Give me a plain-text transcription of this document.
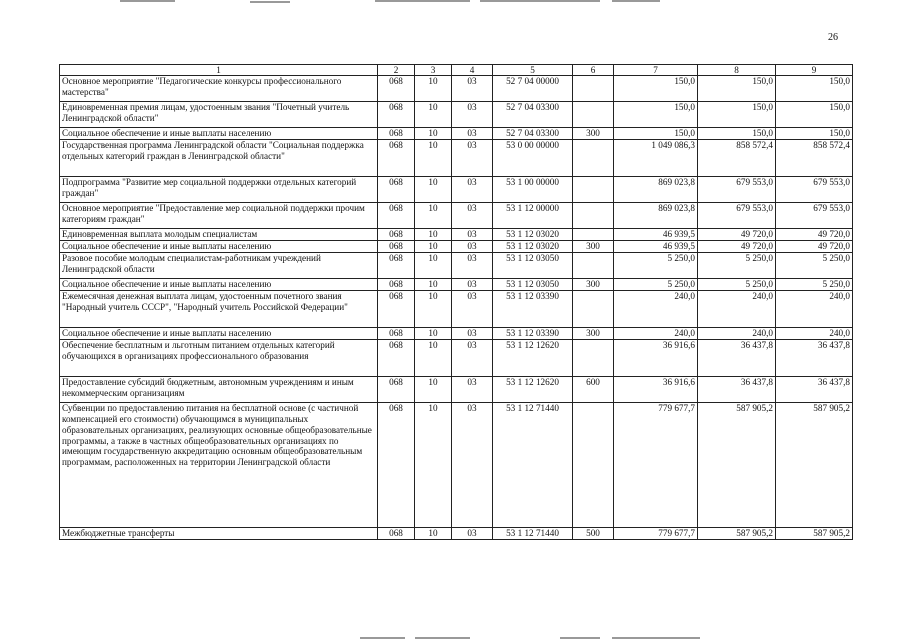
26
1	2	3	4	5	6	7	8	9
Основное мероприятие "Педагогические конкурсы профессионального мастерства"	068	10	03	52 7 04 00000		150,0	150,0	150,0
Единовременная премия лицам, удостоенным звания "Почетный учитель Ленинградской области"	068	10	03	52 7 04 03300		150,0	150,0	150,0
Социальное обеспечение и иные выплаты населению	068	10	03	52 7 04 03300	300	150,0	150,0	150,0
Государственная программа Ленинградской области "Социальная поддержка отдельных категорий граждан в Ленинградской области"	068	10	03	53 0 00 00000		1 049 086,3	858 572,4	858 572,4
Подпрограмма "Развитие мер социальной поддержки отдельных категорий граждан"	068	10	03	53 1 00 00000		869 023,8	679 553,0	679 553,0
Основное мероприятие "Предоставление мер социальной поддержки прочим категориям граждан"	068	10	03	53 1 12 00000		869 023,8	679 553,0	679 553,0
Единовременная выплата молодым специалистам	068	10	03	53 1 12 03020		46 939,5	49 720,0	49 720,0
Социальное обеспечение и иные выплаты населению	068	10	03	53 1 12 03020	300	46 939,5	49 720,0	49 720,0
Разовое пособие молодым специалистам-работникам учреждений Ленинградской области	068	10	03	53 1 12 03050		5 250,0	5 250,0	5 250,0
Социальное обеспечение и иные выплаты населению	068	10	03	53 1 12 03050	300	5 250,0	5 250,0	5 250,0
Ежемесячная денежная выплата лицам, удостоенным почетного звания "Народный учитель СССР", "Народный учитель Российской Федерации"	068	10	03	53 1 12 03390		240,0	240,0	240,0
Социальное обеспечение и иные выплаты населению	068	10	03	53 1 12 03390	300	240,0	240,0	240,0
Обеспечение бесплатным и льготным питанием отдельных категорий обучающихся в организациях профессионального образования	068	10	03	53 1 12 12620		36 916,6	36 437,8	36 437,8
Предоставление субсидий бюджетным, автономным учреждениям и иным некоммерческим организациям	068	10	03	53 1 12 12620	600	36 916,6	36 437,8	36 437,8
Субвенции по предоставлению питания на бесплатной основе (с частичной компенсацией его стоимости) обучающимся в муниципальных образовательных организациях, реализующих основные общеобразовательные программы, а также в частных общеобразовательных организациях по имеющим государственную аккредитацию основным общеобразовательным программам, расположенных на территории Ленинградской области	068	10	03	53 1 12 71440		779 677,7	587 905,2	587 905,2
Межбюджетные трансферты	068	10	03	53 1 12 71440	500	779 677,7	587 905,2	587 905,2
